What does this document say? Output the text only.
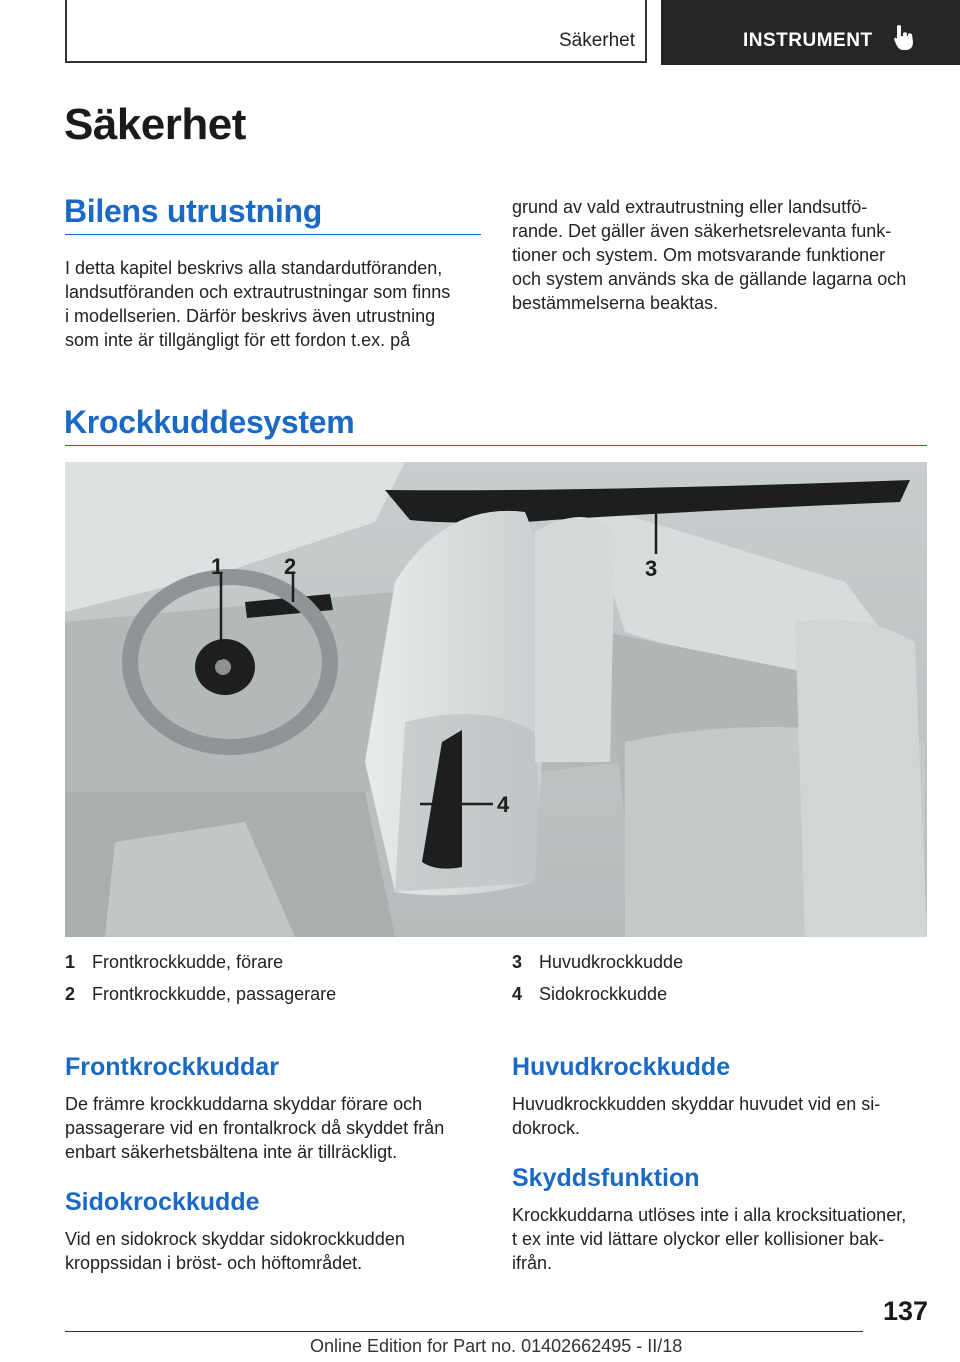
Säkerhet	INSTRUMENT
Säkerhet
Bilens utrustning

I detta kapitel beskrivs alla standardutföranden,

landsutföranden och extrautrustningar som finns

i modellserien. Därför beskrivs även utrustning

som inte är tillgängligt för ett fordon t.ex. på

grund av vald extrautrustning eller landsutfö-

rande. Det gäller även säkerhetsrelevanta funk-

tioner och system. Om motsvarande funktioner

och system används ska de gällande lagarna och

bestämmelserna beaktas.

Krockkuddesystem
1	2	3
4
1 Frontkrockkudde, förare
2 Frontkrockkudde, passagerare
3 Huvudkrockkudde
4 Sidokrockkudde
Frontkrockkuddar

De främre krockkuddarna skyddar förare och

passagerare vid en frontalkrock då skyddet från

enbart säkerhetsbältena inte är tillräckligt.

Sidokrockkudde

Vid en sidokrock skyddar sidokrockkudden

kroppssidan i bröst- och höftområdet.

Huvudkrockkudde

Huvudkrockkudden skyddar huvudet vid en si-

dokrock.

Skyddsfunktion

Krockkuddarna utlöses inte i alla krocksituationer,

t ex inte vid lättare olyckor eller kollisioner bak-

ifrån.

137
Online Edition for Part no. 01402662495 - II/18
